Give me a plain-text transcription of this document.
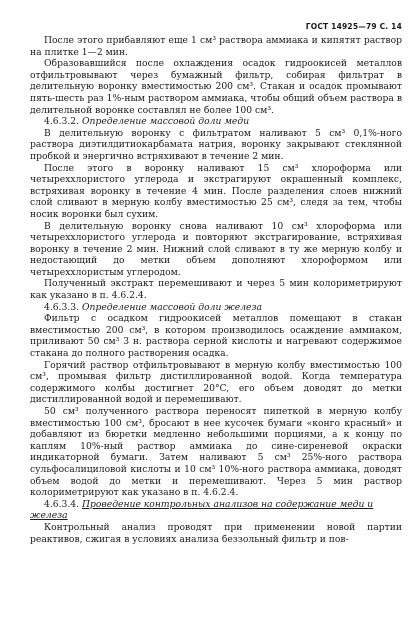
ГОСТ 14925—79 С. 14

После этого прибавляют еще 1 см³ раствора аммиака и кипятят раствор на плитке 1—2 мин.

Образовавшийся после охлаждения осадок гидроокисей металлов отфильтровывают через бумажный фильтр, собирая фильтрат в делительную воронку вместимостью 200 см³. Стакан и осадок промывают пять-шесть раз 1%-ным раствором аммиака, чтобы общий объем раствора в делительной воронке составлял не более 100 см³.

4.6.3.2. Определение массовой доли меди

В делительную воронку с фильтратом наливают 5 см³ 0,1%-ного раствора диэтилдитиокарбамата натрия, воронку закрывают стеклянной пробкой и энергично встряхивают в течение 2 мин.

После этого в воронку наливают 15 см³ хлороформа или четыреххлористого углерода и экстрагируют окрашенный комплекс, встряхивая воронку в течение 4 мин. После разделения слоев нижний слой сливают в мерную колбу вместимостью 25 см³, следя за тем, чтобы носик воронки был сухим.

В делительную воронку снова наливают 10 см³ хлороформа или четыреххлористого углерода и повторяют экстрагирование, встряхивая воронку в течение 2 мин. Нижний слой сливают в ту же мерную колбу и недостающий до метки объем дополняют хлороформом или четыреххлористым углеродом.

Полученный экстракт перемешивают и через 5 мин колориметрируют как указано в п. 4.6.2.4.

4.6.3.3. Определение массовой доли железа

Фильтр с осадком гидроокисей металлов помещают в стакан вместимостью 200 см³, в котором производилось осаждение аммиаком, приливают 50 см³ 3 н. раствора серной кислоты и нагревают содержимое стакана до полного растворения осадка.

Горячий раствор отфильтровывают в мерную колбу вместимостью 100 см³, промывая фильтр дистиллированной водой. Когда температура содержимого колбы достигнет 20°C, его объем доводят до метки дистиллированной водой и перемешивают.

50 см³ полученного раствора переносят пипеткой в мерную колбу вместимостью 100 см³, бросают в нее кусочек бумаги «конго красный» и добавляют из бюретки медленно небольшими порциями, а к концу по каплям 10%-ный раствор аммиака до сине-сиреневой окраски индикаторной бумаги. Затем наливают 5 см³ 25%-ного раствора сульфосалициловой кислоты и 10 см³ 10%-ного раствора аммиака, доводят объем водой до метки и перемешивают. Через 5 мин раствор колориметрируют как указано в п. 4.6.2.4.

4.6.3.4. Проведение контрольных анализов на содержание меди и железа

Контрольный анализ проводят при применении новой партии реактивов, сжигая в условиях анализа беззольный фильтр и пов-
